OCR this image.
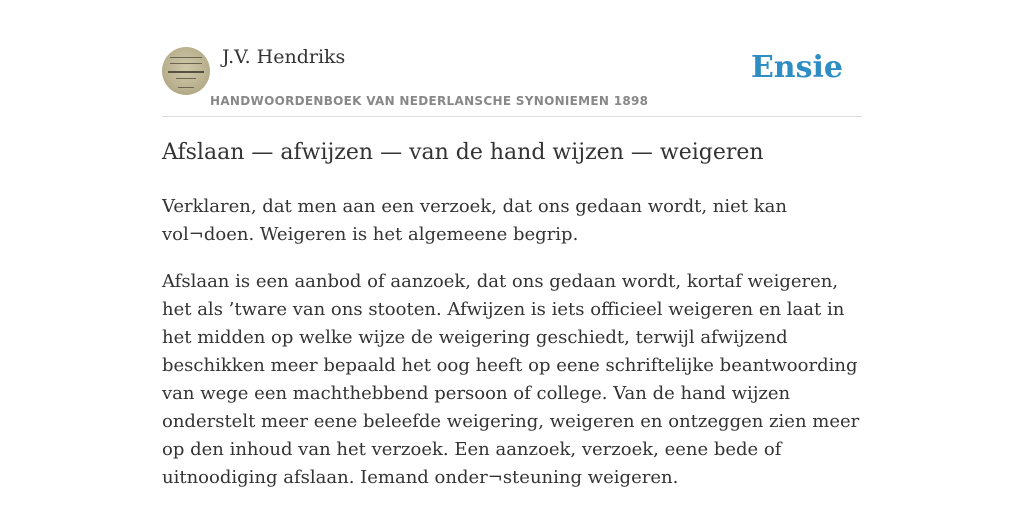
J.V. Hendriks
HANDWOORDENBOEK VAN NEDERLANSCHE SYNONIEMEN 1898
Ensie
Afslaan — afwijzen — van de hand wijzen — weigeren

Verklaren, dat men aan een verzoek, dat ons gedaan wordt, niet kan vol¬doen. Weigeren is het algemeene begrip.

Afslaan is een aanbod of aanzoek, dat ons gedaan wordt, kortaf weigeren, het als ’tware van ons stooten. Afwijzen is iets officieel weigeren en laat in het midden op welke wijze de weigering geschiedt, terwijl afwijzend beschikken meer bepaald het oog heeft op eene schriftelijke beantwoording van wege een machthebbend persoon of college. Van de hand wijzen onderstelt meer eene beleefde weigering, weigeren en ontzeggen zien meer op den inhoud van het verzoek. Een aanzoek, verzoek, eene bede of uitnoodiging afslaan. Iemand onder¬steuning weigeren.
